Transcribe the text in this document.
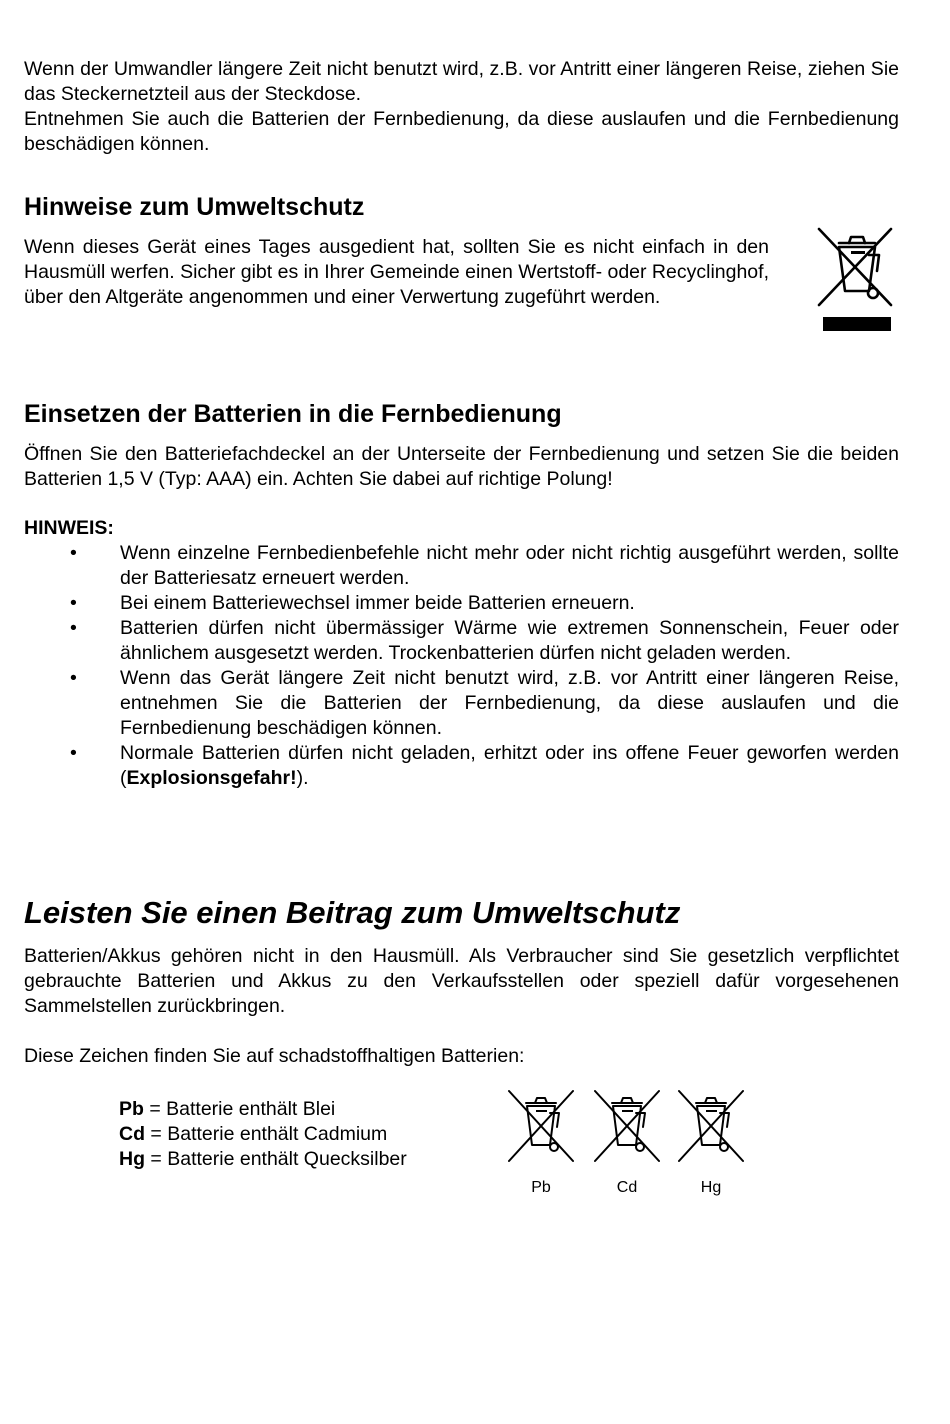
Wenn der Umwandler längere Zeit nicht benutzt wird, z.B. vor Antritt einer längeren Reise, ziehen Sie das Steckernetzteil aus der Steckdose.

Entnehmen Sie auch die Batterien der Fernbedienung, da diese auslaufen und die Fernbedienung beschädigen können.

Hinweise zum Umweltschutz

Wenn dieses Gerät eines Tages ausgedient hat, sollten Sie es nicht einfach in den Hausmüll werfen. Sicher gibt es in Ihrer Gemeinde einen Wertstoff- oder Recyclinghof, über den Altgeräte angenommen und einer Verwertung zugeführt werden.

Einsetzen der Batterien in die Fernbedienung

Öffnen Sie den Batteriefachdeckel an der Unterseite der Fernbedienung und setzen Sie die beiden Batterien 1,5 V (Typ: AAA) ein. Achten Sie dabei auf richtige Polung!

HINWEIS:

• Wenn einzelne Fernbedienbefehle nicht mehr oder nicht richtig ausgeführt werden, sollte der Batteriesatz erneuert werden.
• Bei einem Batteriewechsel immer beide Batterien erneuern.
• Batterien dürfen nicht übermässiger Wärme wie extremen Sonnenschein, Feuer oder ähnlichem ausgesetzt werden. Trockenbatterien dürfen nicht geladen werden.
• Wenn das Gerät längere Zeit nicht benutzt wird, z.B. vor Antritt einer längeren Reise, entnehmen Sie die Batterien der Fernbedienung, da diese auslaufen und die Fernbedienung beschädigen können.
• Normale Batterien dürfen nicht geladen, erhitzt oder ins offene Feuer geworfen werden (Explosionsgefahr!).
Leisten Sie einen Beitrag zum Umweltschutz

Batterien/Akkus gehören nicht in den Hausmüll. Als Verbraucher sind Sie gesetzlich verpflichtet gebrauchte Batterien und Akkus zu den Verkaufsstellen oder speziell dafür vorgesehenen Sammelstellen zurückbringen.

Diese Zeichen finden Sie auf schadstoffhaltigen Batterien:

Pb = Batterie enthält Blei

Cd = Batterie enthält Cadmium

Hg = Batterie enthält Quecksilber

Pb	Cd	Hg
